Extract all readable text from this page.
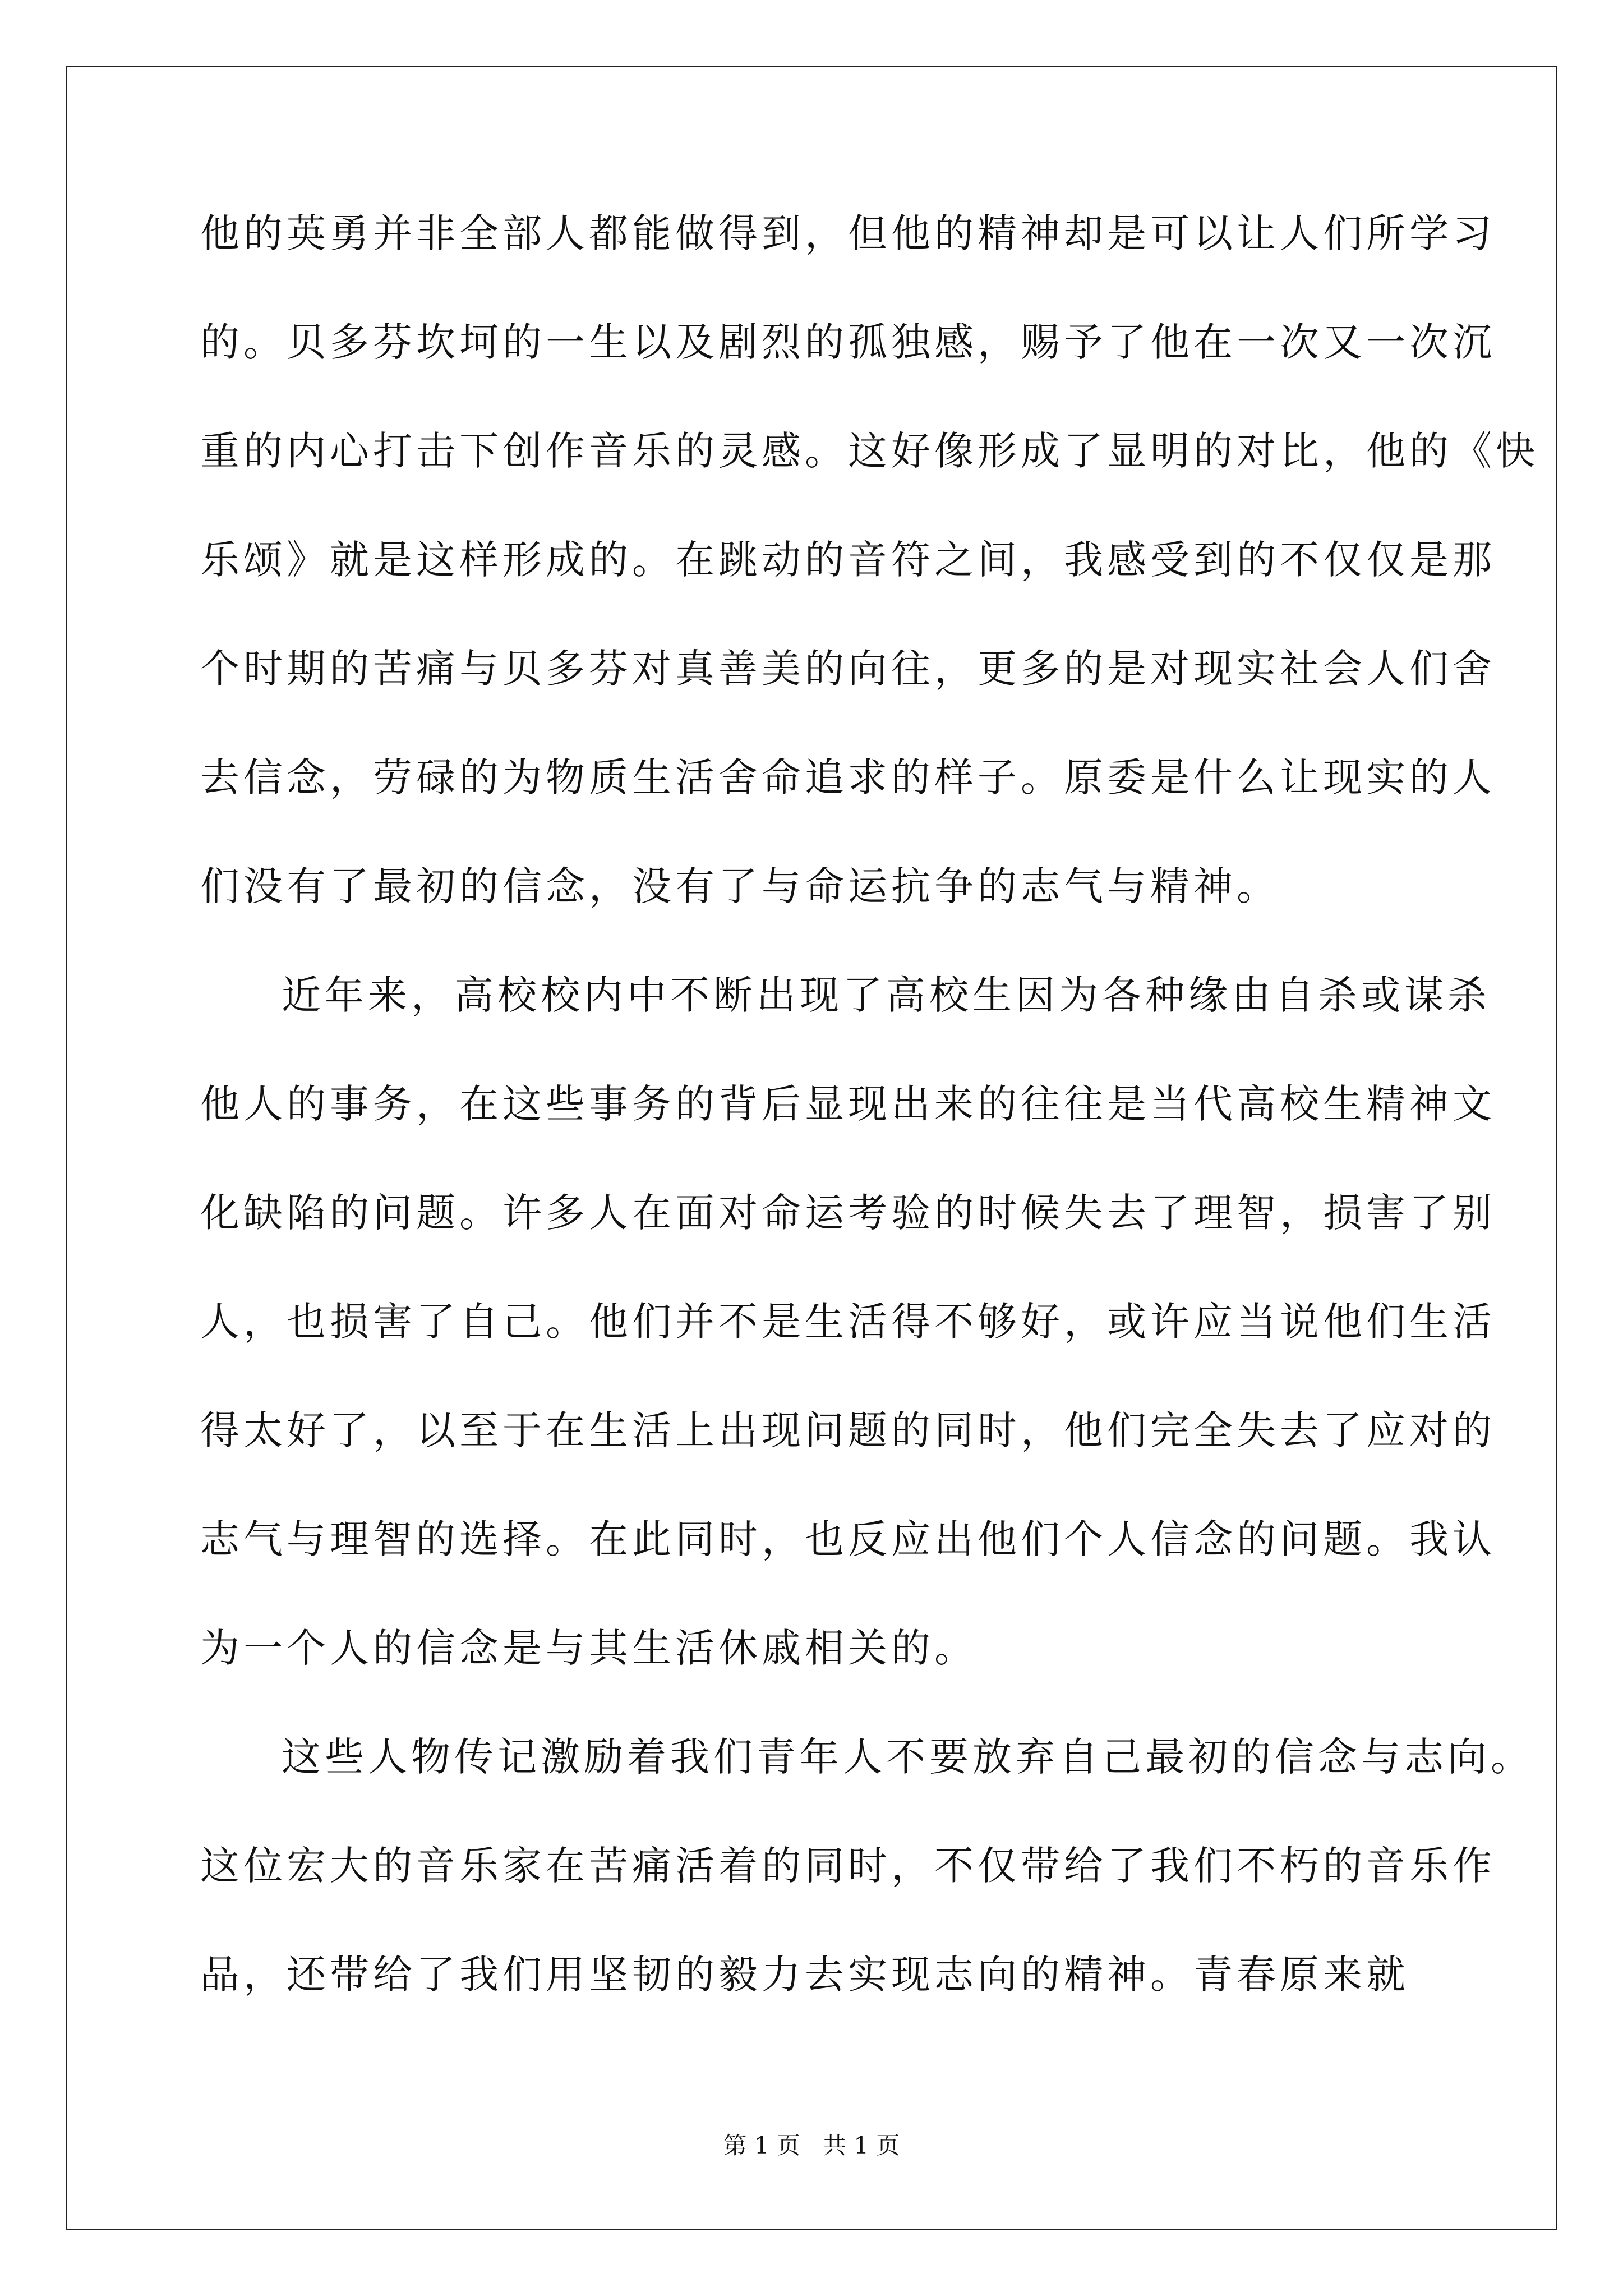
他的英勇并非全部人都能做得到，但他的精神却是可以让人们所学习
的。贝多芬坎坷的一生以及剧烈的孤独感，赐予了他在一次又一次沉
重的内心打击下创作音乐的灵感。这好像形成了显明的对比，他的《快
乐颂》就是这样形成的。在跳动的音符之间，我感受到的不仅仅是那
个时期的苦痛与贝多芬对真善美的向往，更多的是对现实社会人们舍
去信念，劳碌的为物质生活舍命追求的样子。原委是什么让现实的人
们没有了最初的信念，没有了与命运抗争的志气与精神。
近年来，高校校内中不断出现了高校生因为各种缘由自杀或谋杀
他人的事务，在这些事务的背后显现出来的往往是当代高校生精神文
化缺陷的问题。许多人在面对命运考验的时候失去了理智，损害了别
人，也损害了自己。他们并不是生活得不够好，或许应当说他们生活
得太好了，以至于在生活上出现问题的同时，他们完全失去了应对的
志气与理智的选择。在此同时，也反应出他们个人信念的问题。我认
为一个人的信念是与其生活休戚相关的。
这些人物传记激励着我们青年人不要放弃自己最初的信念与志向。
这位宏大的音乐家在苦痛活着的同时，不仅带给了我们不朽的音乐作
品，还带给了我们用坚韧的毅力去实现志向的精神。青春原来就
第 1 页 共 1 页
